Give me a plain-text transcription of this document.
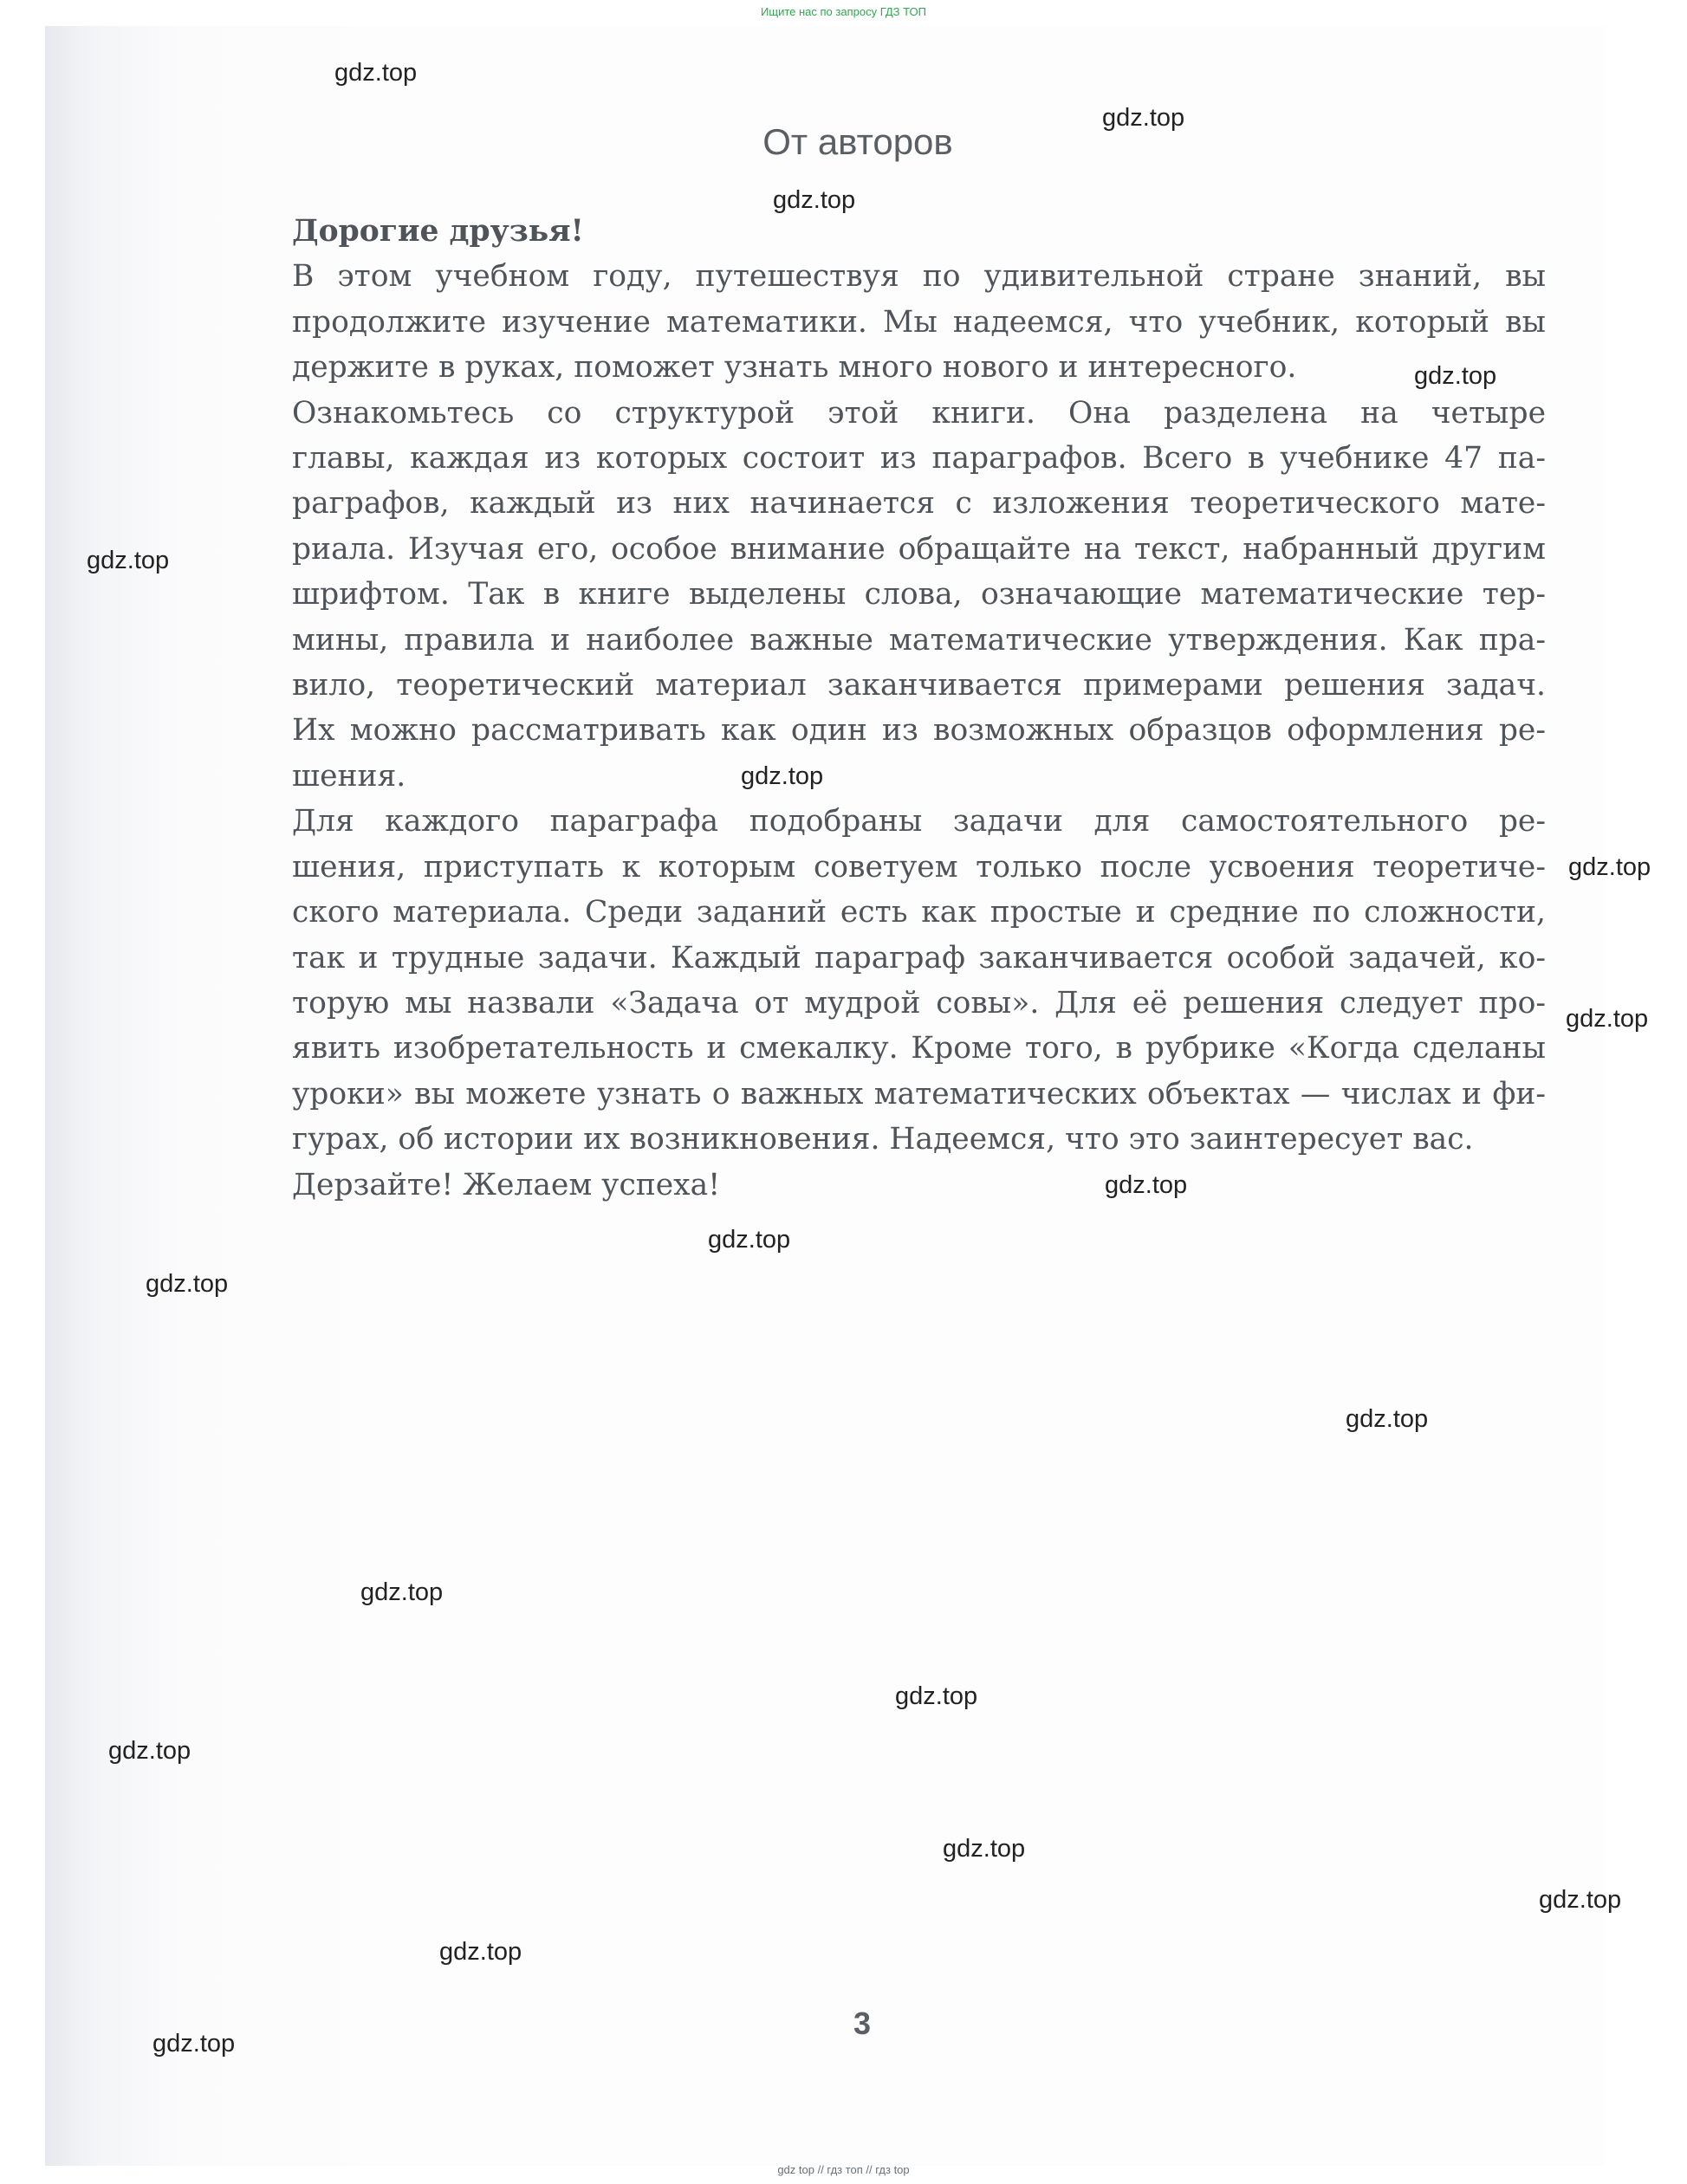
Ищите нас по запросу ГДЗ ТОП
От авторов

Дорогие друзья!

В этом учебном году, путешествуя по удивительной стране знаний, вы
продолжите изучение математики. Мы надеемся, что учебник, который вы
держите в руках, поможет узнать много нового и интересного.

Ознакомьтесь со структурой этой книги. Она разделена на четыре
главы, каждая из которых состоит из параграфов. Всего в учебнике 47 па-
раграфов, каждый из них начинается с изложения теоретического мате-
риала. Изучая его, особое внимание обращайте на текст, набранный другим
шрифтом. Так в книге выделены слова, означающие математические тер-
мины, правила и наиболее важные математические утверждения. Как пра-
вило, теоретический материал заканчивается примерами решения задач.
Их можно рассматривать как один из возможных образцов оформления ре-
шения.

Для каждого параграфа подобраны задачи для самостоятельного ре-
шения, приступать к которым советуем только после усвоения теоретиче-
ского материала. Среди заданий есть как простые и средние по сложности,
так и трудные задачи. Каждый параграф заканчивается особой задачей, ко-
торую мы назвали «Задача от мудрой совы». Для её решения следует про-
явить изобретательность и смекалку. Кроме того, в рубрике «Когда сделаны
уроки» вы можете узнать о важных математических объектах — числах и фи-
гурах, об истории их возникновения. Надеемся, что это заинтересует вас.

Дерзайте! Желаем успеха!

3
gdz top // гдз топ // гдз top
gdz.top
gdz.top
gdz.top
gdz.top
gdz.top
gdz.top
gdz.top
gdz.top
gdz.top
gdz.top
gdz.top
gdz.top
gdz.top
gdz.top
gdz.top
gdz.top
gdz.top
gdz.top
gdz.top
